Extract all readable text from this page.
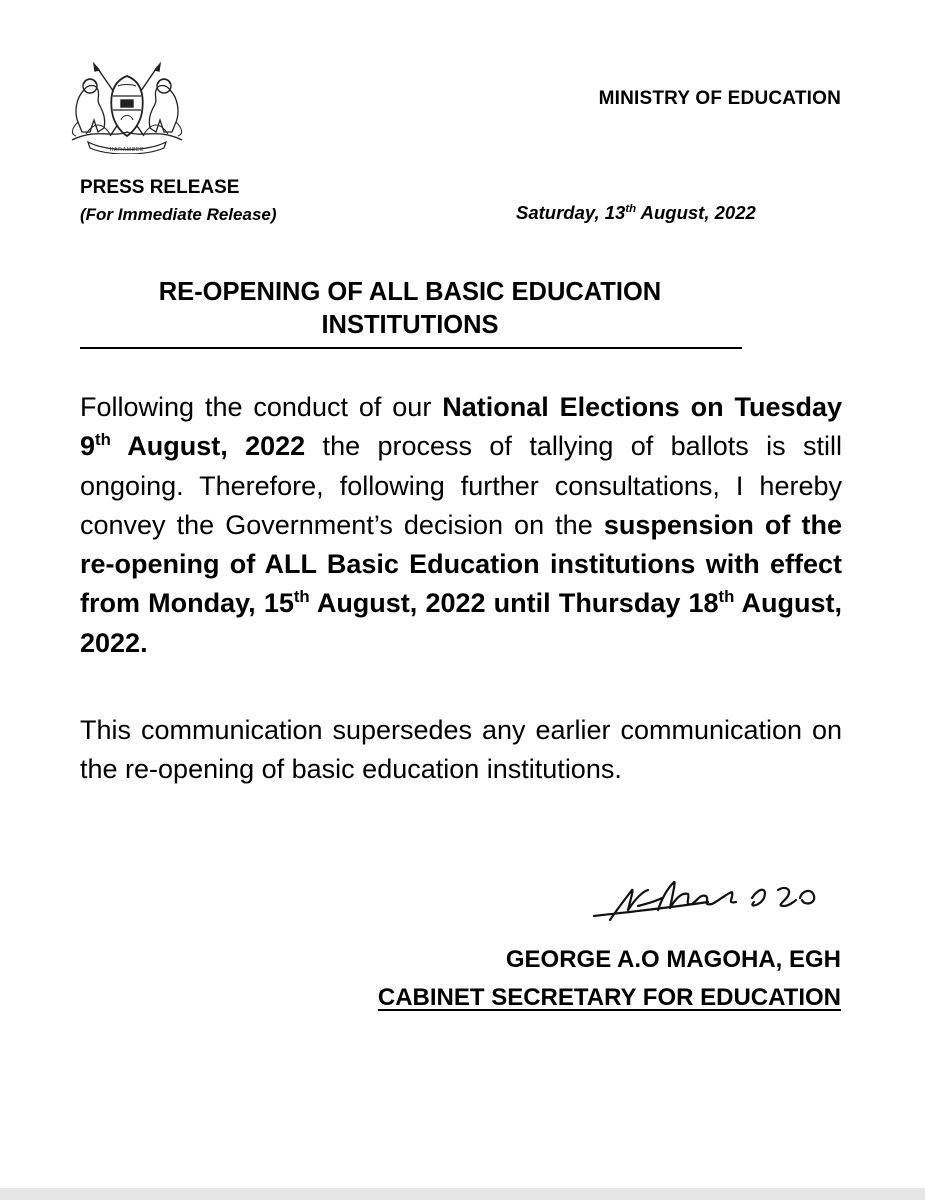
HARAMBEE
MINISTRY OF EDUCATION
PRESS RELEASE
(For Immediate Release)	Saturday, 13th August, 2022
RE-OPENING OF ALL BASIC EDUCATION
INSTITUTIONS

Following the conduct of our National Elections on Tuesday 9th August, 2022 the process of tallying of ballots is still ongoing. Therefore, following further consultations, I hereby convey the Government’s decision on the suspension of the re-opening of ALL Basic Education institutions with effect from Monday, 15th August, 2022 until Thursday 18th August, 2022.

This communication supersedes any earlier communication on the re-opening of basic education institutions.

GEORGE A.O MAGOHA, EGH
CABINET SECRETARY FOR EDUCATION
